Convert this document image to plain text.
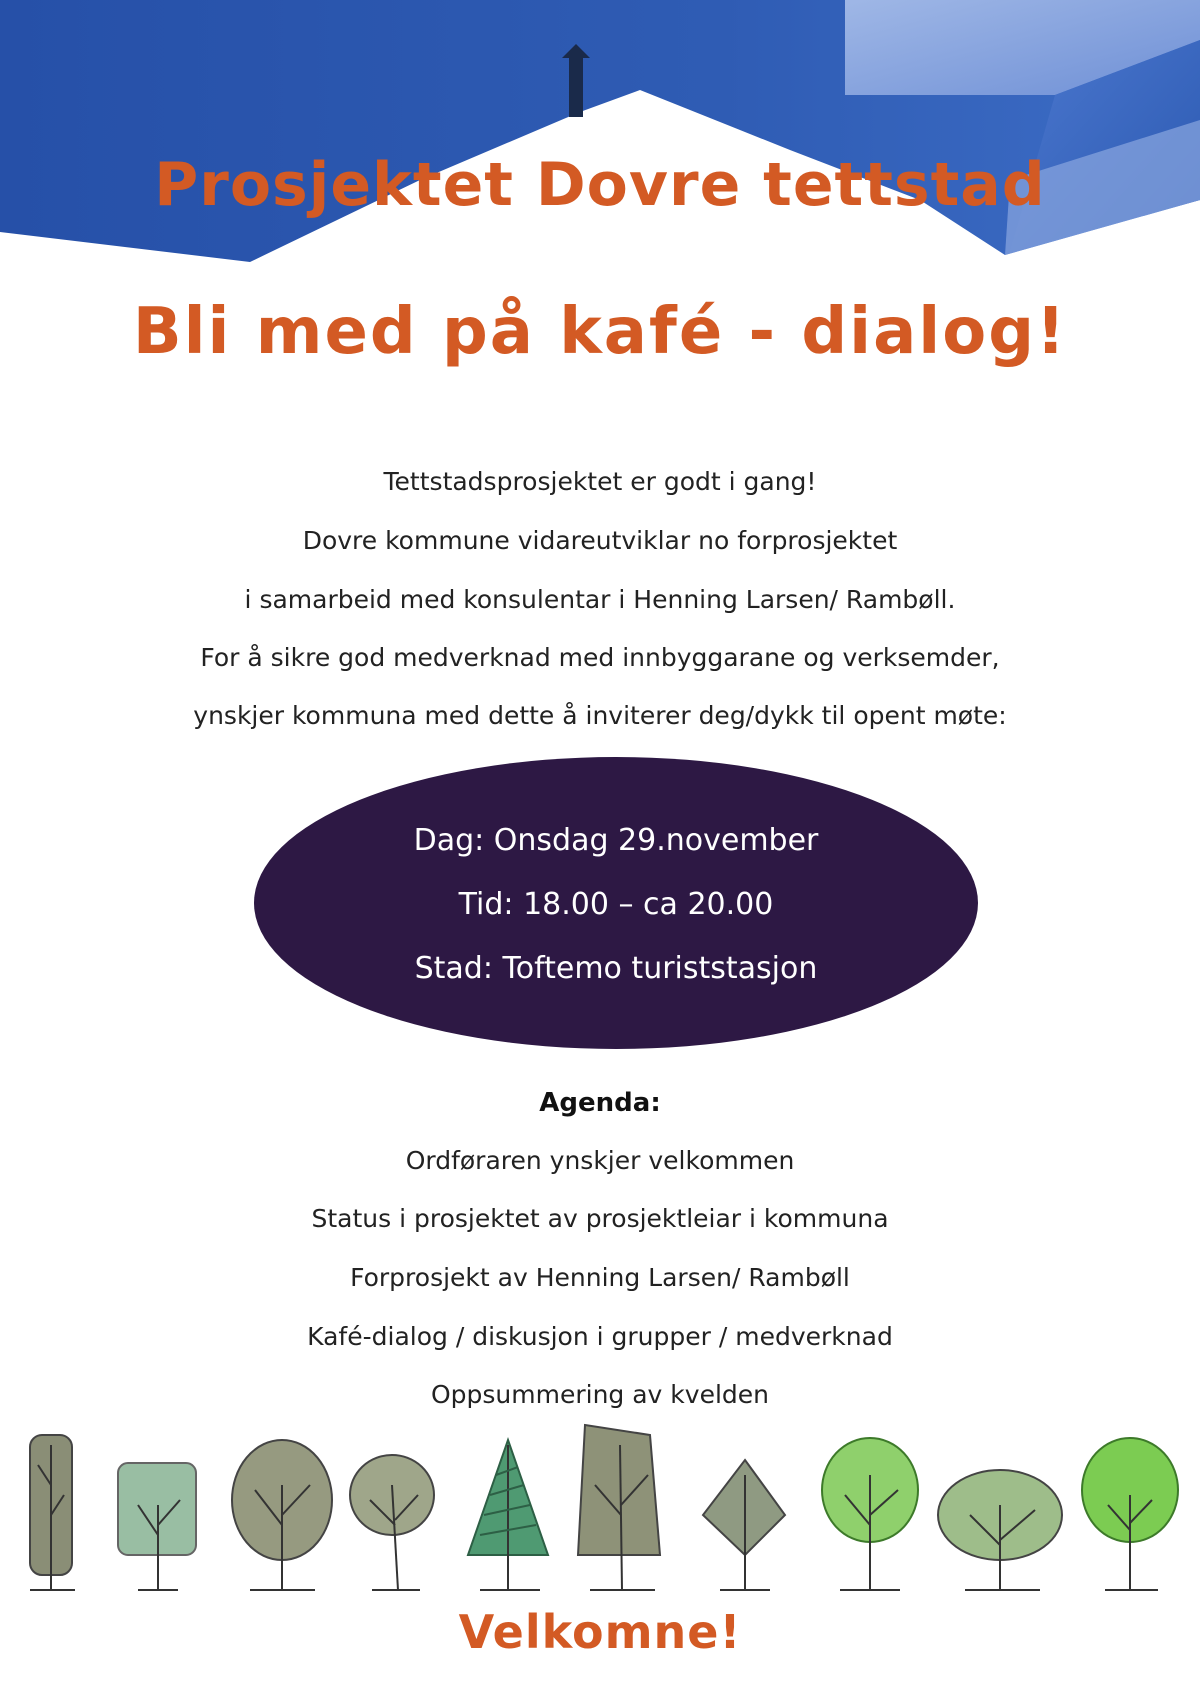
Prosjektet Dovre tettstad
Bli med på kafé - dialog!
Tettstadsprosjektet er godt i gang!
Dovre kommune vidareutviklar no forprosjektet
i samarbeid med konsulentar i Henning Larsen/ Rambøll.
For å sikre god medverknad med innbyggarane og verksemder,
ynskjer kommuna med dette å inviterer deg/dykk til opent møte:
Dag: Onsdag 29.november
Tid: 18.00 – ca 20.00
Stad: Toftemo turiststasjon
Agenda:
Ordføraren ynskjer velkommen
Status i prosjektet av prosjektleiar i kommuna
Forprosjekt av Henning Larsen/ Rambøll
Kafé-dialog / diskusjon i grupper / medverknad
Oppsummering av kvelden
Velkomne!
